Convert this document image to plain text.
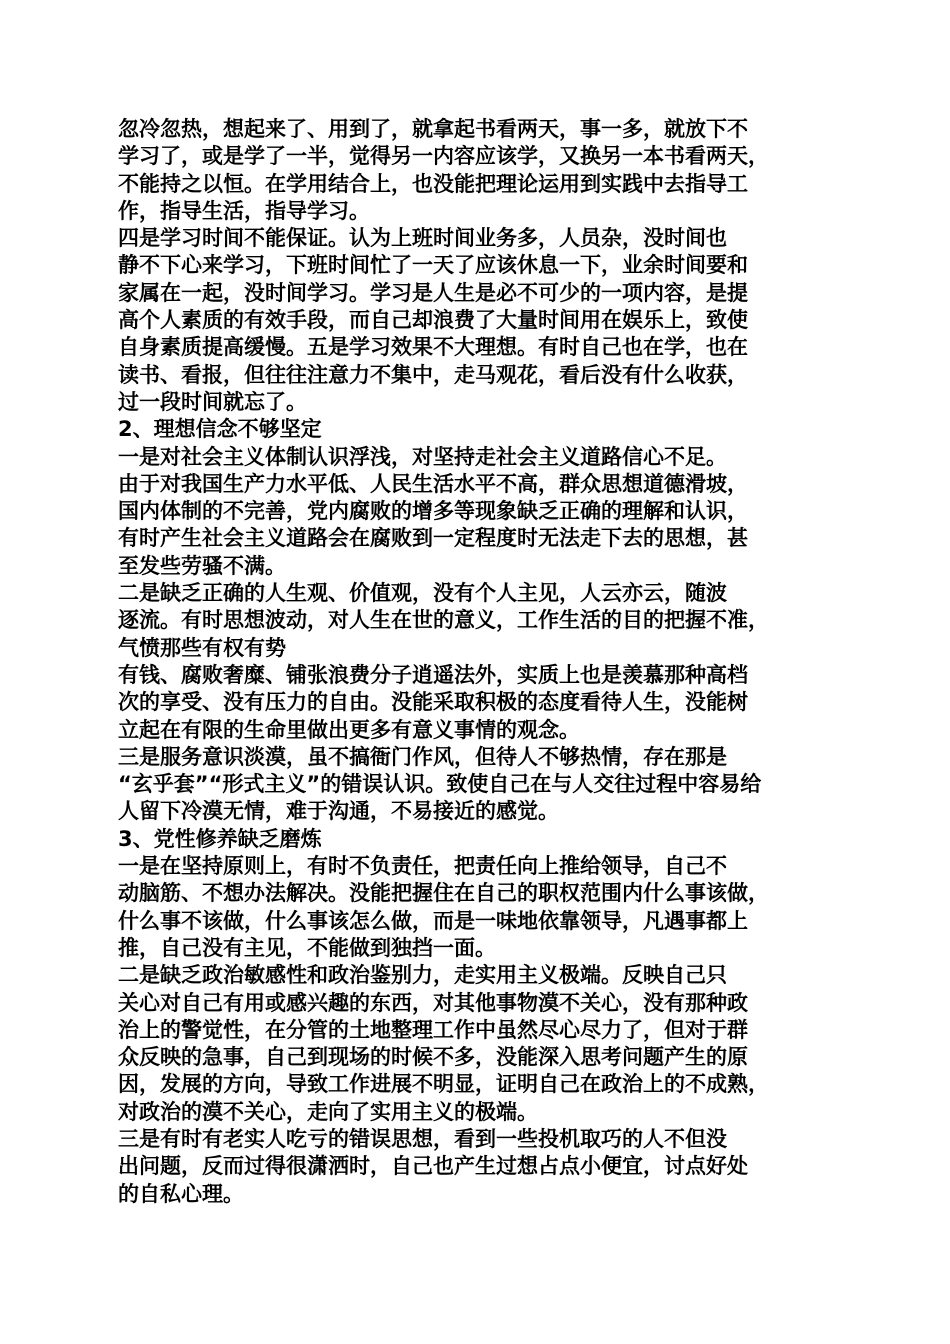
忽冷忽热，想起来了、用到了，就拿起书看两天，事一多，就放下不
学习了，或是学了一半，觉得另一内容应该学，又换另一本书看两天，
不能持之以恒。在学用结合上，也没能把理论运用到实践中去指导工
作，指导生活，指导学习。
四是学习时间不能保证。认为上班时间业务多，人员杂，没时间也
静不下心来学习，下班时间忙了一天了应该休息一下，业余时间要和
家属在一起，没时间学习。学习是人生是必不可少的一项内容，是提
高个人素质的有效手段，而自己却浪费了大量时间用在娱乐上，致使
自身素质提高缓慢。五是学习效果不大理想。有时自己也在学，也在
读书、看报，但往往注意力不集中，走马观花，看后没有什么收获，
过一段时间就忘了。
2、理想信念不够坚定
一是对社会主义体制认识浮浅，对坚持走社会主义道路信心不足。
由于对我国生产力水平低、人民生活水平不高，群众思想道德滑坡，
国内体制的不完善，党内腐败的增多等现象缺乏正确的理解和认识，
有时产生社会主义道路会在腐败到一定程度时无法走下去的思想，甚
至发些劳骚不满。
二是缺乏正确的人生观、价值观，没有个人主见，人云亦云，随波
逐流。有时思想波动，对人生在世的意义，工作生活的目的把握不准，
气愤那些有权有势
有钱、腐败奢糜、铺张浪费分子逍遥法外，实质上也是羡慕那种高档
次的享受、没有压力的自由。没能采取积极的态度看待人生，没能树
立起在有限的生命里做出更多有意义事情的观念。
三是服务意识淡漠，虽不搞衙门作风，但待人不够热情，存在那是
“玄乎套”“形式主义”的错误认识。致使自己在与人交往过程中容易给
人留下冷漠无情，难于沟通，不易接近的感觉。
3、党性修养缺乏磨炼
一是在坚持原则上，有时不负责任，把责任向上推给领导，自己不
动脑筋、不想办法解决。没能把握住在自己的职权范围内什么事该做，
什么事不该做，什么事该怎么做，而是一味地依靠领导，凡遇事都上
推，自己没有主见，不能做到独挡一面。
二是缺乏政治敏感性和政治鉴别力，走实用主义极端。反映自己只
关心对自己有用或感兴趣的东西，对其他事物漠不关心，没有那种政
治上的警觉性，在分管的土地整理工作中虽然尽心尽力了，但对于群
众反映的急事，自己到现场的时候不多，没能深入思考问题产生的原
因，发展的方向，导致工作进展不明显，证明自己在政治上的不成熟，
对政治的漠不关心，走向了实用主义的极端。
三是有时有老实人吃亏的错误思想，看到一些投机取巧的人不但没
出问题，反而过得很潇洒时，自己也产生过想占点小便宜，讨点好处
的自私心理。
